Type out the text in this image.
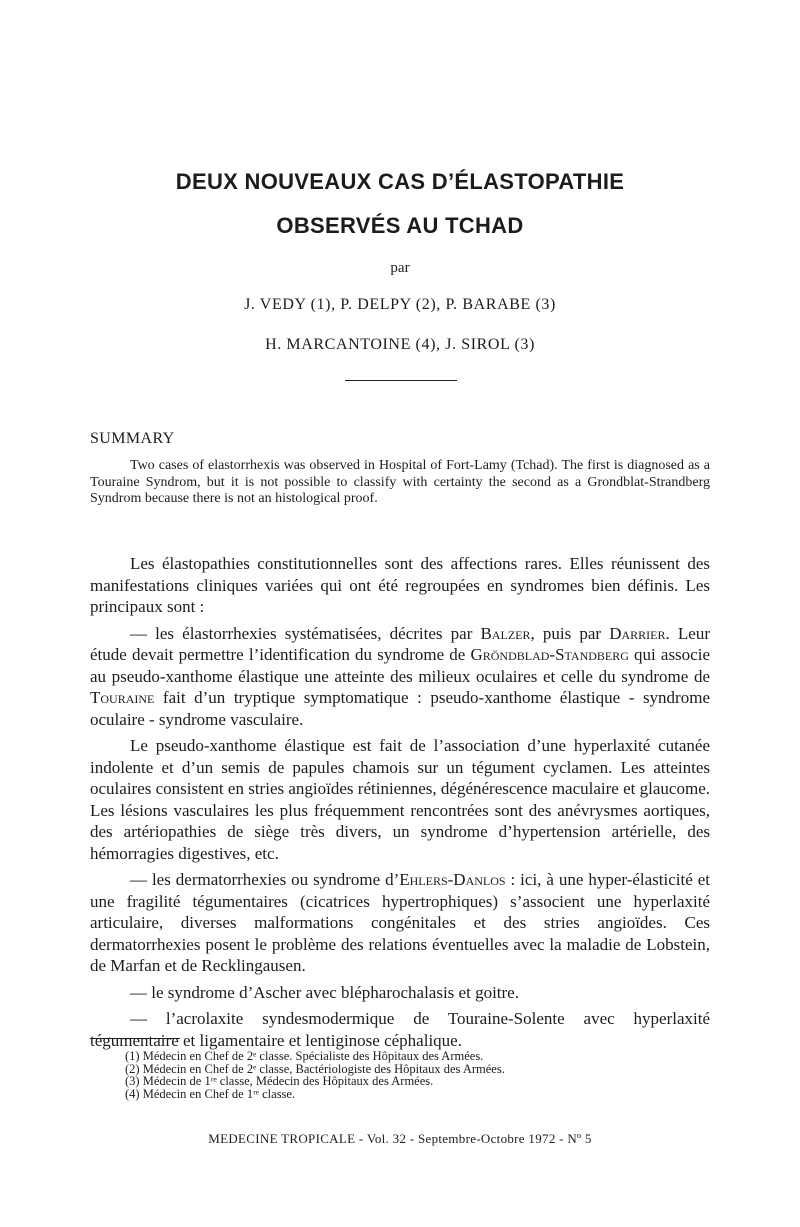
DEUX NOUVEAUX CAS D’ÉLASTOPATHIE
OBSERVÉS AU TCHAD
par
J. VEDY (1), P. DELPY (2), P. BARABE (3)
H. MARCANTOINE (4), J. SIROL (3)
SUMMARY

Two cases of elastorrhexis was observed in Hospital of Fort-Lamy (Tchad). The first is diagnosed as a Touraine Syndrom, but it is not possible to classify with certainty the second as a Grondblat-Strandberg Syndrom because there is not an histological proof.

Les élastopathies constitutionnelles sont des affections rares. Elles réunissent des manifestations cliniques variées qui ont été regroupées en syndromes bien définis. Les principaux sont :

— les élastorrhexies systématisées, décrites par Balzer, puis par Darrier. Leur étude devait permettre l’identification du syndrome de Gröndblad-Standberg qui associe au pseudo-xanthome élastique une atteinte des milieux oculaires et celle du syndrome de Touraine fait d’un tryptique symptomatique : pseudo-xanthome élastique - syndrome oculaire - syndrome vasculaire.

Le pseudo-xanthome élastique est fait de l’association d’une hyperlaxité cutanée indolente et d’un semis de papules chamois sur un tégument cyclamen. Les atteintes oculaires consistent en stries angioïdes rétiniennes, dégénérescence maculaire et glaucome. Les lésions vasculaires les plus fréquemment rencontrées sont des anévrysmes aortiques, des artériopathies de siège très divers, un syndrome d’hypertension artérielle, des hémorragies digestives, etc.

— les dermatorrhexies ou syndrome d’Ehlers-Danlos : ici, à une hyper-élasticité et une fragilité tégumentaires (cicatrices hypertrophiques) s’associent une hyperlaxité articulaire, diverses malformations congénitales et des stries angioïdes. Ces dermatorrhexies posent le problème des relations éventuelles avec la maladie de Lobstein, de Marfan et de Recklingausen.

— le syndrome d’Ascher avec blépharochalasis et goitre.

— l’acrolaxite syndesmodermique de Touraine-Solente avec hyperlaxité tégumentaire et ligamentaire et lentiginose céphalique.

(1) Médecin en Chef de 2ᵉ classe. Spécialiste des Hôpitaux des Armées.
(2) Médecin en Chef de 2ᵉ classe, Bactériologiste des Hôpitaux des Armées.
(3) Médecin de 1ʳᵉ classe, Médecin des Hôpitaux des Armées.
(4) Médecin en Chef de 1ʳᵉ classe.
MEDECINE TROPICALE - Vol. 32 - Septembre-Octobre 1972 - Nº 5
